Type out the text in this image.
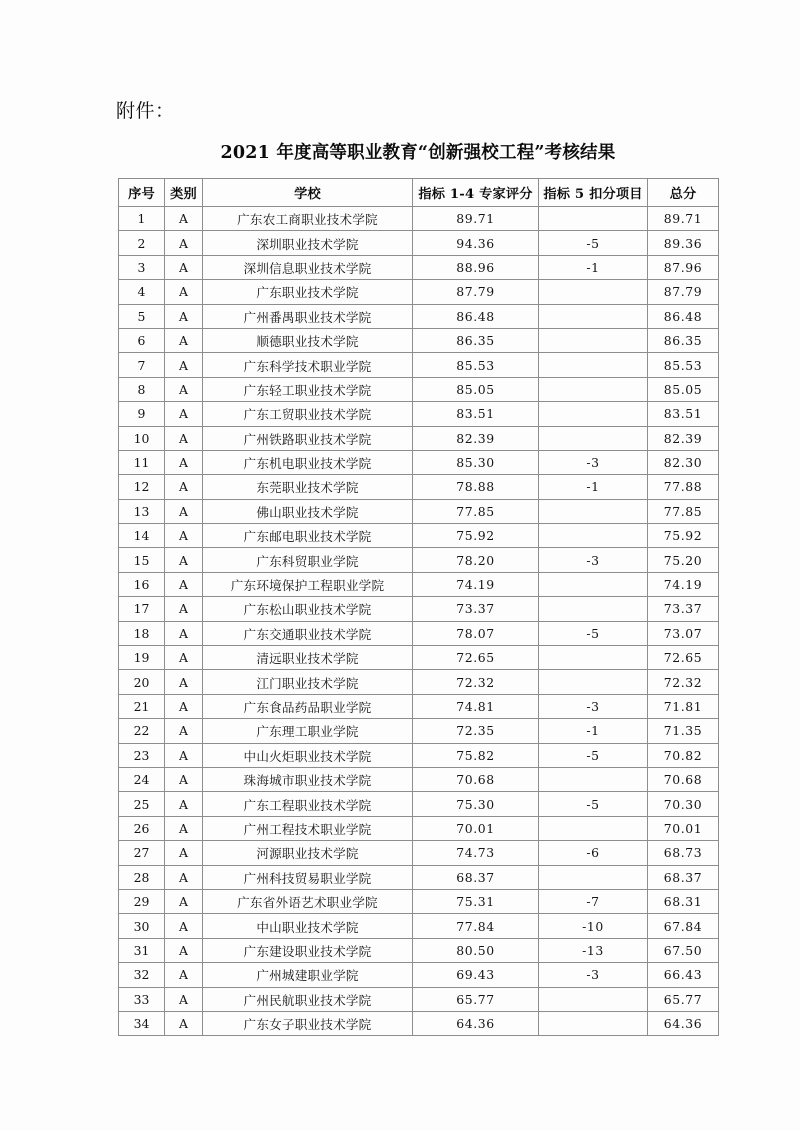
附件：
2021 年度高等职业教育“创新强校工程”考核结果
序号	类别	学校	指标 1-4 专家评分	指标 5 扣分项目	总分
1	A	广东农工商职业技术学院	89.71		89.71
2	A	深圳职业技术学院	94.36	-5	89.36
3	A	深圳信息职业技术学院	88.96	-1	87.96
4	A	广东职业技术学院	87.79		87.79
5	A	广州番禺职业技术学院	86.48		86.48
6	A	顺德职业技术学院	86.35		86.35
7	A	广东科学技术职业学院	85.53		85.53
8	A	广东轻工职业技术学院	85.05		85.05
9	A	广东工贸职业技术学院	83.51		83.51
10	A	广州铁路职业技术学院	82.39		82.39
11	A	广东机电职业技术学院	85.30	-3	82.30
12	A	东莞职业技术学院	78.88	-1	77.88
13	A	佛山职业技术学院	77.85		77.85
14	A	广东邮电职业技术学院	75.92		75.92
15	A	广东科贸职业学院	78.20	-3	75.20
16	A	广东环境保护工程职业学院	74.19		74.19
17	A	广东松山职业技术学院	73.37		73.37
18	A	广东交通职业技术学院	78.07	-5	73.07
19	A	清远职业技术学院	72.65		72.65
20	A	江门职业技术学院	72.32		72.32
21	A	广东食品药品职业学院	74.81	-3	71.81
22	A	广东理工职业学院	72.35	-1	71.35
23	A	中山火炬职业技术学院	75.82	-5	70.82
24	A	珠海城市职业技术学院	70.68		70.68
25	A	广东工程职业技术学院	75.30	-5	70.30
26	A	广州工程技术职业学院	70.01		70.01
27	A	河源职业技术学院	74.73	-6	68.73
28	A	广州科技贸易职业学院	68.37		68.37
29	A	广东省外语艺术职业学院	75.31	-7	68.31
30	A	中山职业技术学院	77.84	-10	67.84
31	A	广东建设职业技术学院	80.50	-13	67.50
32	A	广州城建职业学院	69.43	-3	66.43
33	A	广州民航职业技术学院	65.77		65.77
34	A	广东女子职业技术学院	64.36		64.36
